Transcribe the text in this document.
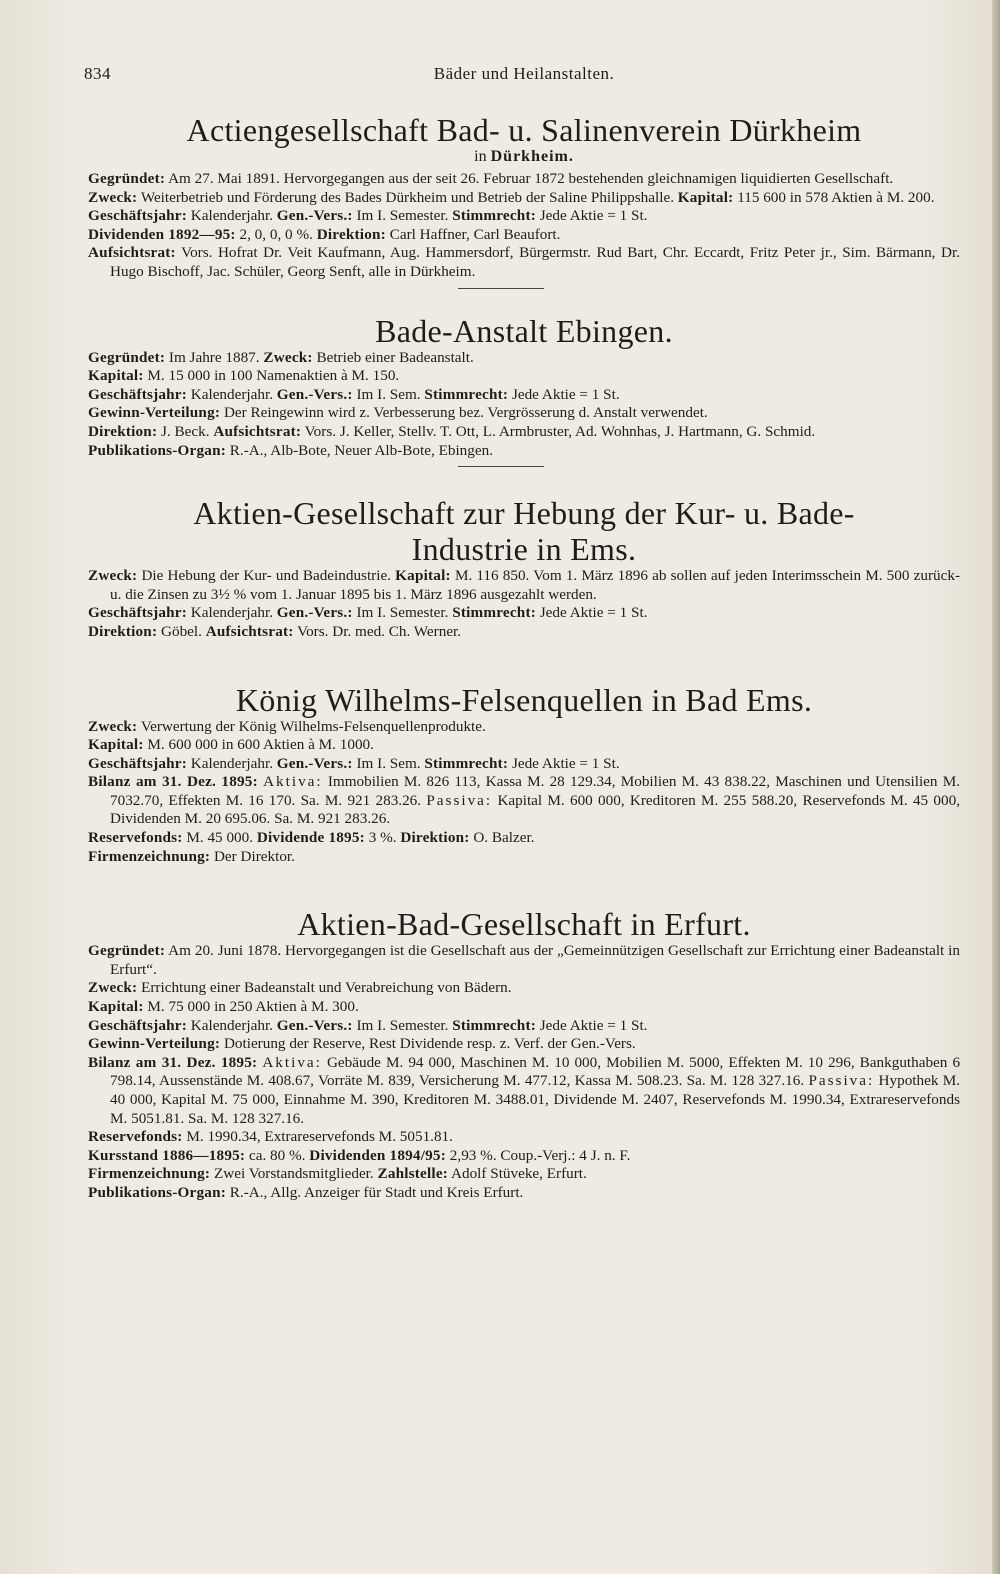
834	Bäder und Heilanstalten.
Actiengesellschaft Bad- u. Salinenverein Dürkheim
in Dürkheim.
Gegründet: Am 27. Mai 1891. Hervorgegangen aus der seit 26. Februar 1872 bestehenden gleichnamigen liquidierten Gesellschaft.
Zweck: Weiterbetrieb und Förderung des Bades Dürkheim und Betrieb der Saline Philippshalle. Kapital: 115 600 in 578 Aktien à M. 200.
Geschäftsjahr: Kalenderjahr. Gen.-Vers.: Im I. Semester. Stimmrecht: Jede Aktie = 1 St.
Dividenden 1892—95: 2, 0, 0, 0 %. Direktion: Carl Haffner, Carl Beaufort.
Aufsichtsrat: Vors. Hofrat Dr. Veit Kaufmann, Aug. Hammersdorf, Bürgermstr. Rud Bart, Chr. Eccardt, Fritz Peter jr., Sim. Bärmann, Dr. Hugo Bischoff, Jac. Schüler, Georg Senft, alle in Dürkheim.
Bade-Anstalt Ebingen.
Gegründet: Im Jahre 1887. Zweck: Betrieb einer Badeanstalt.
Kapital: M. 15 000 in 100 Namenaktien à M. 150.
Geschäftsjahr: Kalenderjahr. Gen.-Vers.: Im I. Sem. Stimmrecht: Jede Aktie = 1 St.
Gewinn-Verteilung: Der Reingewinn wird z. Verbesserung bez. Vergrösserung d. Anstalt verwendet.
Direktion: J. Beck. Aufsichtsrat: Vors. J. Keller, Stellv. T. Ott, L. Armbruster, Ad. Wohnhas, J. Hartmann, G. Schmid.
Publikations-Organ: R.-A., Alb-Bote, Neuer Alb-Bote, Ebingen.
Aktien-Gesellschaft zur Hebung der Kur- u. Bade-
Industrie in Ems.
Zweck: Die Hebung der Kur- und Badeindustrie. Kapital: M. 116 850. Vom 1. März 1896 ab sollen auf jeden Interimsschein M. 500 zurück- u. die Zinsen zu 3½ % vom 1. Januar 1895 bis 1. März 1896 ausgezahlt werden.
Geschäftsjahr: Kalenderjahr. Gen.-Vers.: Im I. Semester. Stimmrecht: Jede Aktie = 1 St.
Direktion: Göbel. Aufsichtsrat: Vors. Dr. med. Ch. Werner.
König Wilhelms-Felsenquellen in Bad Ems.
Zweck: Verwertung der König Wilhelms-Felsenquellenprodukte.
Kapital: M. 600 000 in 600 Aktien à M. 1000.
Geschäftsjahr: Kalenderjahr. Gen.-Vers.: Im I. Sem. Stimmrecht: Jede Aktie = 1 St.
Bilanz am 31. Dez. 1895: Aktiva: Immobilien M. 826 113, Kassa M. 28 129.34, Mobilien M. 43 838.22, Maschinen und Utensilien M. 7032.70, Effekten M. 16 170. Sa. M. 921 283.26. Passiva: Kapital M. 600 000, Kreditoren M. 255 588.20, Reservefonds M. 45 000, Dividenden M. 20 695.06. Sa. M. 921 283.26.
Reservefonds: M. 45 000. Dividende 1895: 3 %. Direktion: O. Balzer.
Firmenzeichnung: Der Direktor.
Aktien-Bad-Gesellschaft in Erfurt.
Gegründet: Am 20. Juni 1878. Hervorgegangen ist die Gesellschaft aus der „Gemeinnützigen Gesellschaft zur Errichtung einer Badeanstalt in Erfurt“.
Zweck: Errichtung einer Badeanstalt und Verabreichung von Bädern.
Kapital: M. 75 000 in 250 Aktien à M. 300.
Geschäftsjahr: Kalenderjahr. Gen.-Vers.: Im I. Semester. Stimmrecht: Jede Aktie = 1 St.
Gewinn-Verteilung: Dotierung der Reserve, Rest Dividende resp. z. Verf. der Gen.-Vers.
Bilanz am 31. Dez. 1895: Aktiva: Gebäude M. 94 000, Maschinen M. 10 000, Mobilien M. 5000, Effekten M. 10 296, Bankguthaben 6 798.14, Aussenstände M. 408.67, Vorräte M. 839, Versicherung M. 477.12, Kassa M. 508.23. Sa. M. 128 327.16. Passiva: Hypothek M. 40 000, Kapital M. 75 000, Einnahme M. 390, Kreditoren M. 3488.01, Dividende M. 2407, Reservefonds M. 1990.34, Extrareservefonds M. 5051.81. Sa. M. 128 327.16.
Reservefonds: M. 1990.34, Extrareservefonds M. 5051.81.
Kursstand 1886—1895: ca. 80 %. Dividenden 1894/95: 2,93 %. Coup.-Verj.: 4 J. n. F.
Firmenzeichnung: Zwei Vorstandsmitglieder. Zahlstelle: Adolf Stüveke, Erfurt.
Publikations-Organ: R.-A., Allg. Anzeiger für Stadt und Kreis Erfurt.
